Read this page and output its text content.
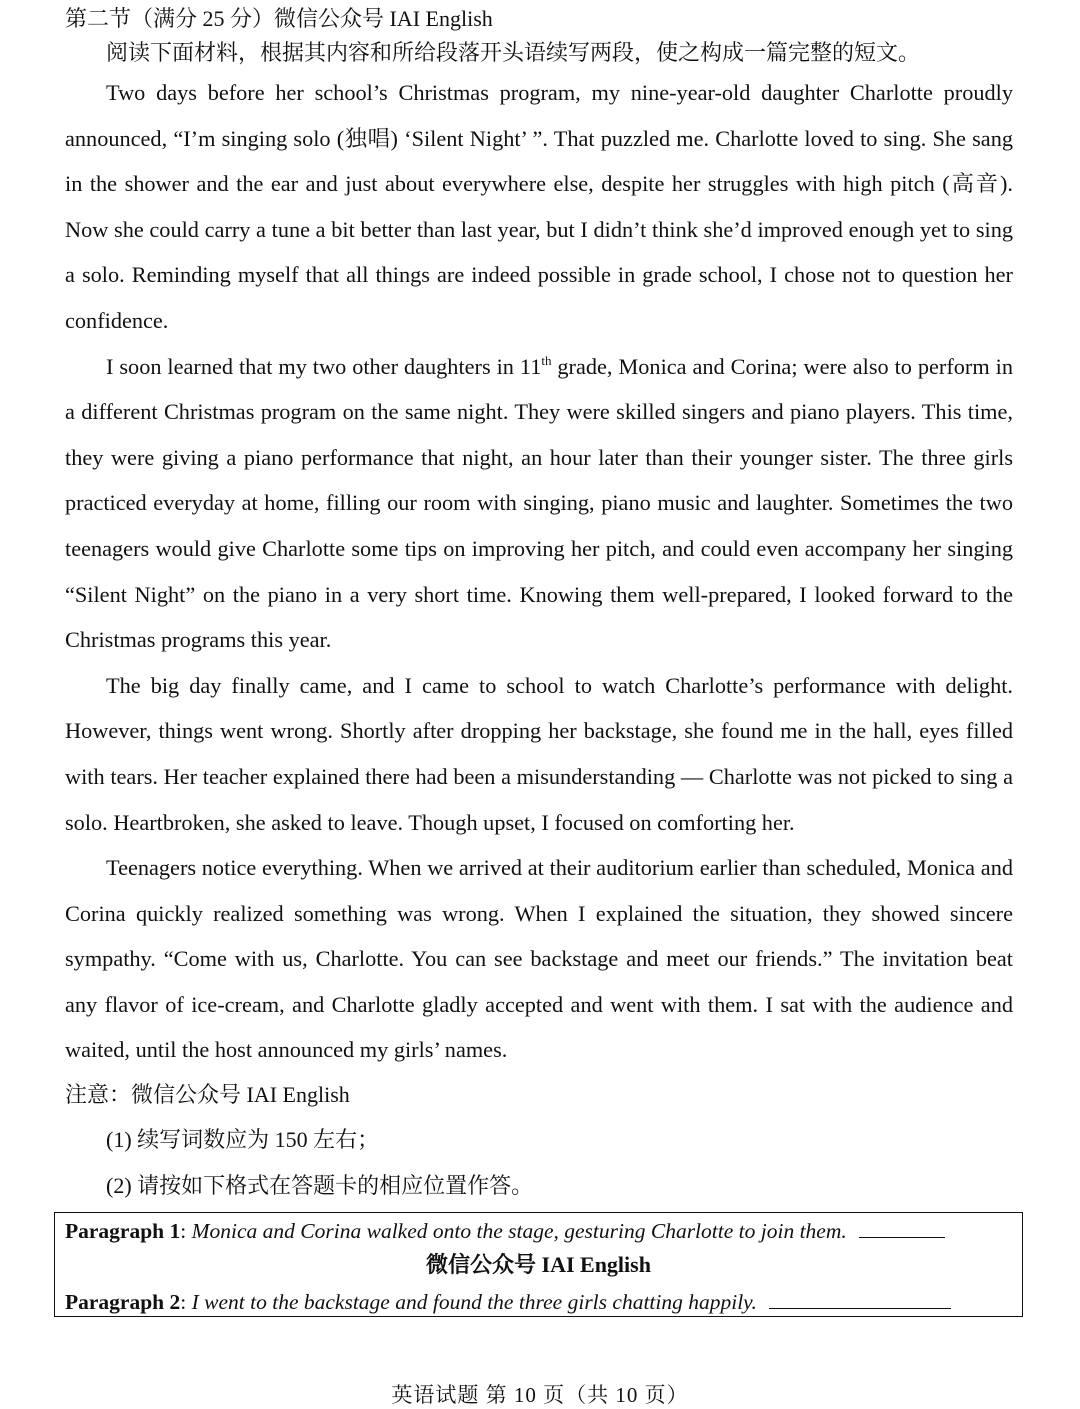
第二节（满分 25 分）微信公众号 IAI English
阅读下面材料，根据其内容和所给段落开头语续写两段，使之构成一篇完整的短文。

Two days before her school’s Christmas program, my nine-year-old daughter Charlotte proudly announced, “I’m singing solo (独唱) ‘Silent Night’ ”. That puzzled me. Charlotte loved to sing. She sang in the shower and the ear and just about everywhere else, despite her struggles with high pitch (高音). Now she could carry a tune a bit better than last year, but I didn’t think she’d improved enough yet to sing a solo. Reminding myself that all things are indeed possible in grade school, I chose not to question her confidence.

I soon learned that my two other daughters in 11th grade, Monica and Corina; were also to perform in a different Christmas program on the same night. They were skilled singers and piano players. This time, they were giving a piano performance that night, an hour later than their younger sister. The three girls practiced everyday at home, filling our room with singing, piano music and laughter. Sometimes the two teenagers would give Charlotte some tips on improving her pitch, and could even accompany her singing “Silent Night” on the piano in a very short time. Knowing them well-prepared, I looked forward to the Christmas programs this year.

The big day finally came, and I came to school to watch Charlotte’s performance with delight. However, things went wrong. Shortly after dropping her backstage, she found me in the hall, eyes filled with tears. Her teacher explained there had been a misunderstanding — Charlotte was not picked to sing a solo. Heartbroken, she asked to leave. Though upset, I focused on comforting her.

Teenagers notice everything. When we arrived at their auditorium earlier than scheduled, Monica and Corina quickly realized something was wrong. When I explained the situation, they showed sincere sympathy. “Come with us, Charlotte. You can see backstage and meet our friends.” The invitation beat any flavor of ice-cream, and Charlotte gladly accepted and went with them. I sat with the audience and waited, until the host announced my girls’ names.

注意：微信公众号 IAI English
(1) 续写词数应为 150 左右；
(2) 请按如下格式在答题卡的相应位置作答。
Paragraph 1: Monica and Corina walked onto the stage, gesturing Charlotte to join them.
微信公众号 IAI English
Paragraph 2: I went to the backstage and found the three girls chatting happily.
英语试题 第 10 页（共 10 页）
